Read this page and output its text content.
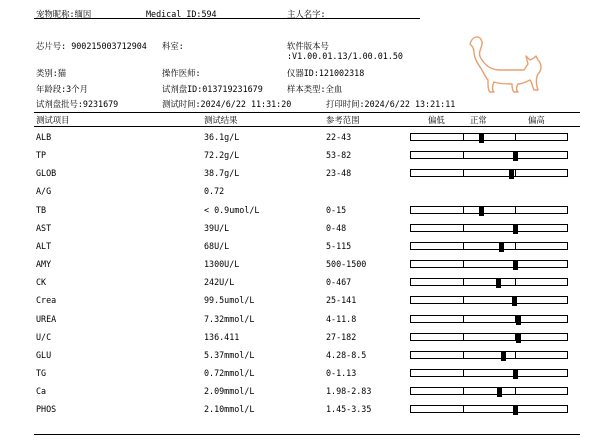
宠物昵称:缅因	Medical ID:594	主人名字:
芯片号: 900215003712904 科室:	软件版本号
:V1.00.01.13/1.00.01.50
类别:猫	操作医师:	仪器ID:121002318
年龄段:3个月	试剂盘ID:013719231679	样本类型:全血
试剂盘批号:9231679	测试时间:2024/6/22 11:31:20	打印时间:2024/6/22 13:21:11
测试项目	测试结果	参考范围	偏低	正常	偏高
ALB	36.1g/L	22-43
TP	72.2g/L	53-82
GLOB	38.7g/L	23-48
A/G	0.72
TB	< 0.9umol/L	0-15
AST	39U/L	0-48
ALT	68U/L	5-115
AMY	1300U/L	500-1500
CK	242U/L	0-467
Crea	99.5umol/L	25-141
UREA	7.32mmol/L	4-11.8
U/C	136.411	27-182
GLU	5.37mmol/L	4.28-8.5
TG	0.72mmol/L	0-1.13
Ca	2.09mmol/L	1.98-2.83
PHOS	2.10mmol/L	1.45-3.35
